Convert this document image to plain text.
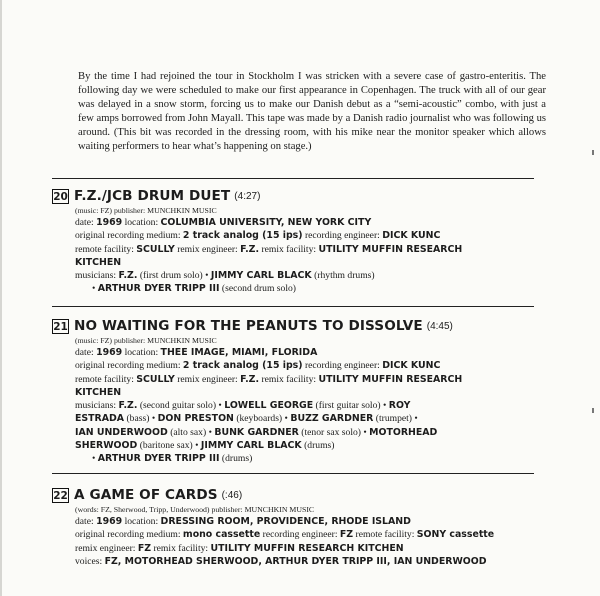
By the time I had rejoined the tour in Stockholm I was stricken with a severe case of gastro-enteritis. The following day we were scheduled to make our first appearance in Copenhagen. The truck with all of our gear was delayed in a snow storm, forcing us to make our Danish debut as a “semi-acoustic” combo, with just a few amps borrowed from John Mayall. This tape was made by a Danish radio journalist who was following us around. (This bit was recorded in the dressing room, with his mike near the monitor speaker which allows waiting performers to hear what’s happening on stage.)

20 F.Z./JCB DRUM DUET (4:27)
(music: FZ) publisher: MUNCHKIN MUSIC
date: 1969 location: COLUMBIA UNIVERSITY, NEW YORK CITY
original recording medium: 2 track analog (15 ips) recording engineer: DICK KUNC
remote facility: SCULLY remix engineer: F.Z. remix facility: UTILITY MUFFIN RESEARCH
KITCHEN
musicians: F.Z. (first drum solo) • JIMMY CARL BLACK (rhythm drums)
• ARTHUR DYER TRIPP III (second drum solo)
21 NO WAITING FOR THE PEANUTS TO DISSOLVE (4:45)
(music: FZ) publisher: MUNCHKIN MUSIC
date: 1969 location: THEE IMAGE, MIAMI, FLORIDA
original recording medium: 2 track analog (15 ips) recording engineer: DICK KUNC
remote facility: SCULLY remix engineer: F.Z. remix facility: UTILITY MUFFIN RESEARCH
KITCHEN
musicians: F.Z. (second guitar solo) • LOWELL GEORGE (first guitar solo) • ROY
ESTRADA (bass) • DON PRESTON (keyboards) • BUZZ GARDNER (trumpet) •
IAN UNDERWOOD (alto sax) • BUNK GARDNER (tenor sax solo) • MOTORHEAD
SHERWOOD (baritone sax) • JIMMY CARL BLACK (drums)
• ARTHUR DYER TRIPP III (drums)
22 A GAME OF CARDS (:46)
(words: FZ, Sherwood, Tripp, Underwood) publisher: MUNCHKIN MUSIC
date: 1969 location: DRESSING ROOM, PROVIDENCE, RHODE ISLAND
original recording medium: mono cassette recording engineer: FZ remote facility: SONY cassette
remix engineer: FZ remix facility: UTILITY MUFFIN RESEARCH KITCHEN
voices: FZ, MOTORHEAD SHERWOOD, ARTHUR DYER TRIPP III, IAN UNDERWOOD
